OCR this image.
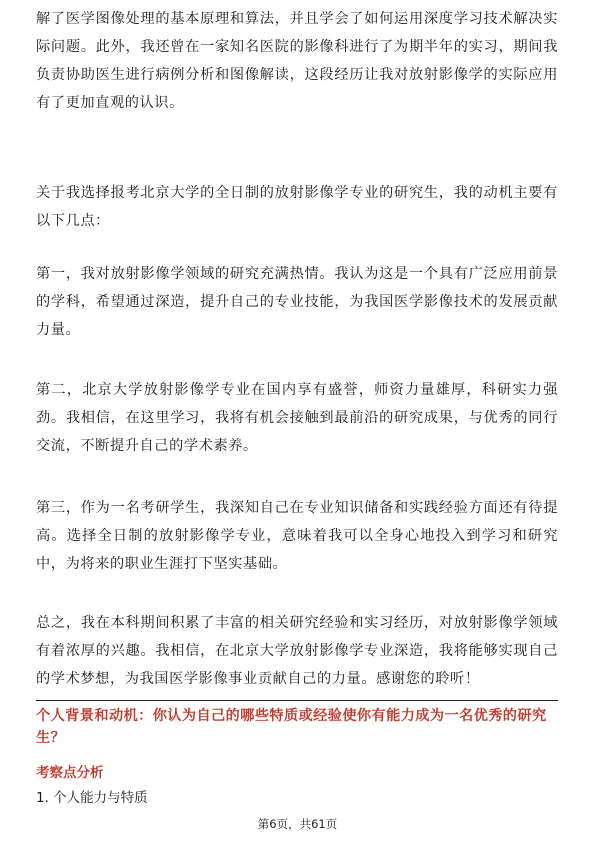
解了医学图像处理的基本原理和算法，并且学会了如何运用深度学习技术解决实际问题。此外，我还曾在一家知名医院的影像科进行了为期半年的实习，期间我负责协助医生进行病例分析和图像解读，这段经历让我对放射影像学的实际应用有了更加直观的认识。

关于我选择报考北京大学的全日制的放射影像学专业的研究生，我的动机主要有以下几点：

第一，我对放射影像学领域的研究充满热情。我认为这是一个具有广泛应用前景的学科，希望通过深造，提升自己的专业技能，为我国医学影像技术的发展贡献力量。

第二，北京大学放射影像学专业在国内享有盛誉，师资力量雄厚，科研实力强劲。我相信，在这里学习，我将有机会接触到最前沿的研究成果，与优秀的同行交流，不断提升自己的学术素养。

第三，作为一名考研学生，我深知自己在专业知识储备和实践经验方面还有待提高。选择全日制的放射影像学专业，意味着我可以全身心地投入到学习和研究中，为将来的职业生涯打下坚实基础。

总之，我在本科期间积累了丰富的相关研究经验和实习经历，对放射影像学领域有着浓厚的兴趣。我相信，在北京大学放射影像学专业深造，我将能够实现自己的学术梦想，为我国医学影像事业贡献自己的力量。感谢您的聆听！

个人背景和动机：你认为自己的哪些特质或经验使你有能力成为一名优秀的研究生？

考察点分析

1. 个人能力与特质

第6页，共61页
